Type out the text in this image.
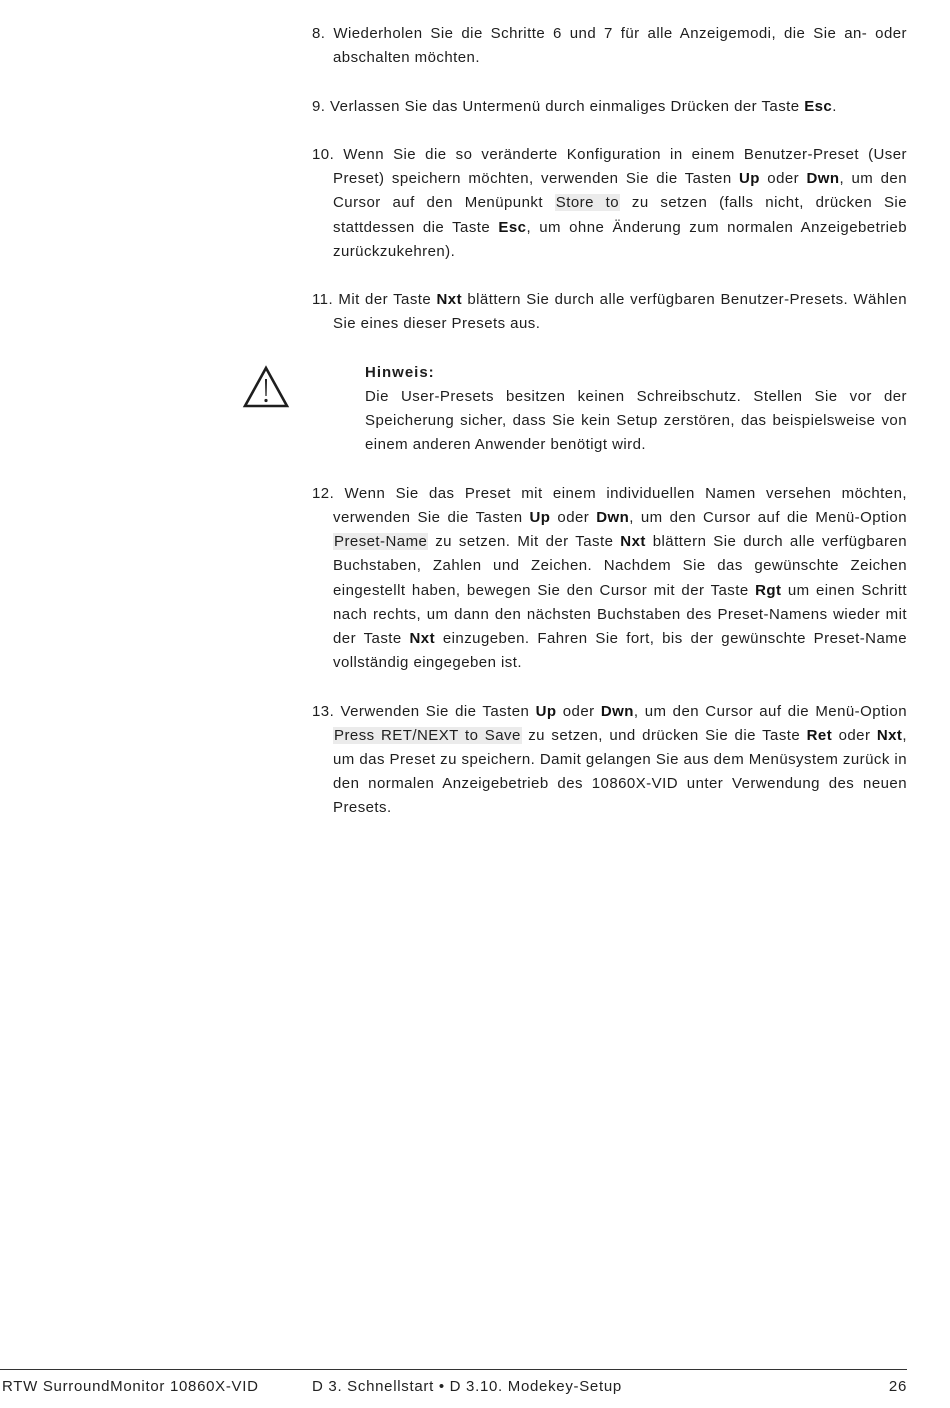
8. Wiederholen Sie die Schritte 6 und 7 für alle Anzeigemodi, die Sie an- oder abschalten möchten.

9. Verlassen Sie das Untermenü durch einmaliges Drücken der Taste Esc.

10. Wenn Sie die so veränderte Konfiguration in einem Benutzer-Preset (User Preset) speichern möchten, verwenden Sie die Tasten Up oder Dwn, um den Cursor auf den Menüpunkt Store to zu setzen (falls nicht, drücken Sie stattdessen die Taste Esc, um ohne Änderung zum normalen Anzeigebetrieb zurückzukehren).

11. Mit der Taste Nxt blättern Sie durch alle verfügbaren Benutzer-Presets. Wählen Sie eines dieser Presets aus.

Hinweis:
Die User-Presets besitzen keinen Schreibschutz. Stellen Sie vor der Speicherung sicher, dass Sie kein Setup zerstören, das beispielsweise von einem anderen Anwender benötigt wird.

12. Wenn Sie das Preset mit einem individuellen Namen versehen möchten, verwenden Sie die Tasten Up oder Dwn, um den Cursor auf die Menü-Option Preset-Name zu setzen. Mit der Taste Nxt blättern Sie durch alle verfügbaren Buchstaben, Zahlen und Zeichen. Nachdem Sie das gewünschte Zeichen eingestellt haben, bewegen Sie den Cursor mit der Taste Rgt um einen Schritt nach rechts, um dann den nächsten Buchstaben des Preset-Namens wieder mit der Taste Nxt einzugeben. Fahren Sie fort, bis der gewünschte Preset-Name vollständig eingegeben ist.

13. Verwenden Sie die Tasten Up oder Dwn, um den Cursor auf die Menü-Option Press RET/NEXT to Save zu setzen, und drücken Sie die Taste Ret oder Nxt, um das Preset zu speichern. Damit gelangen Sie aus dem Menüsystem zurück in den normalen Anzeigebetrieb des 10860X-VID unter Verwendung des neuen Presets.

RTW SurroundMonitor 10860X-VID	D 3. Schnellstart • D 3.10. Modekey-Setup	26
